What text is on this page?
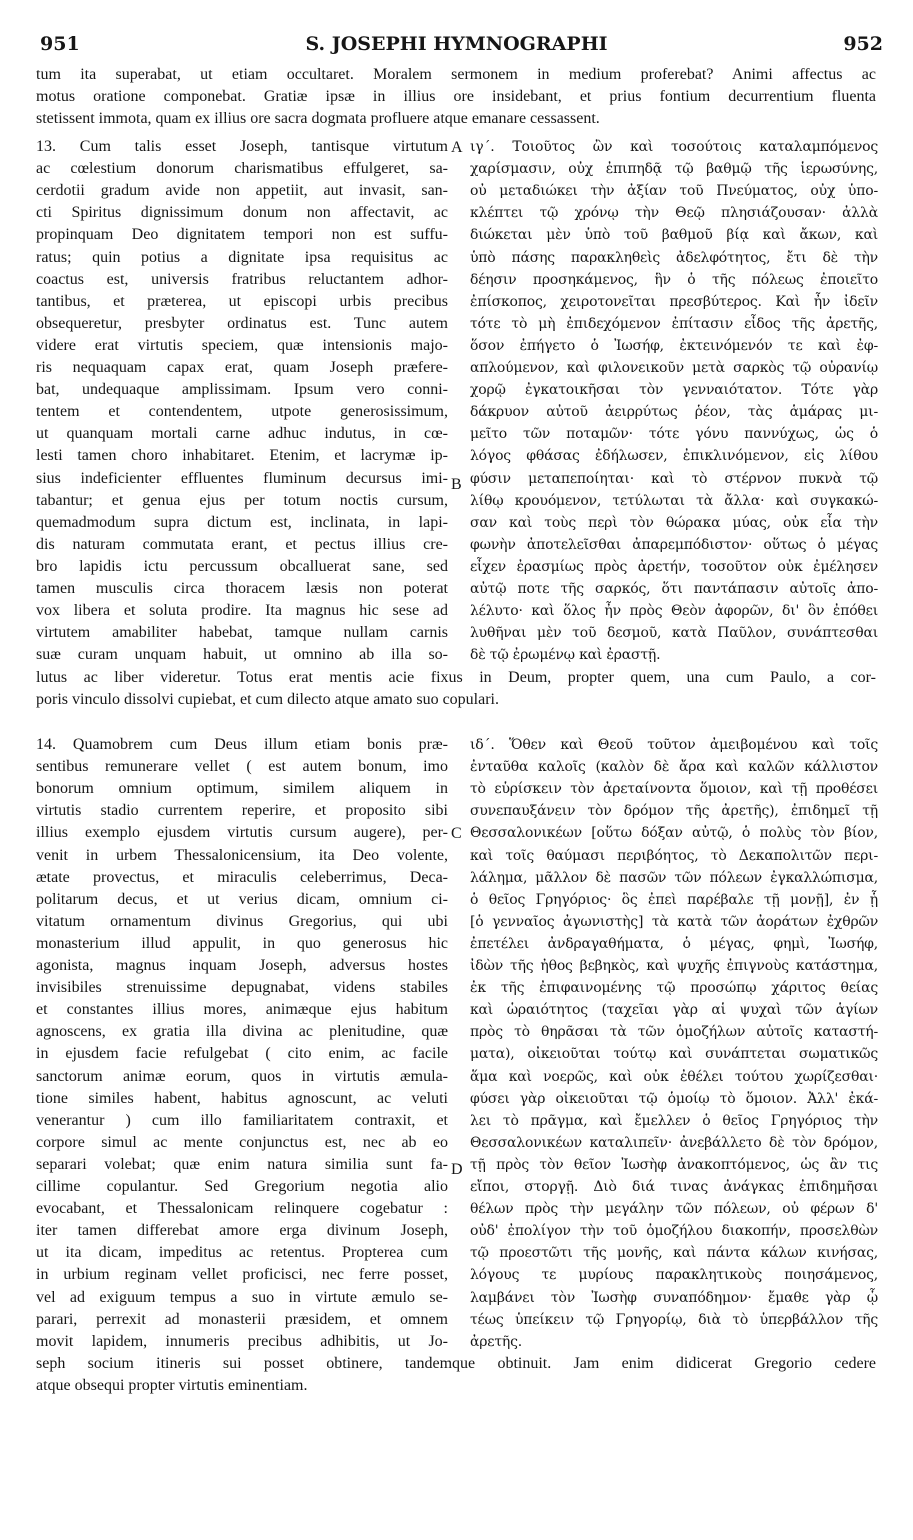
951	S. JOSEPHI HYMNOGRAPHI	952
tum ita superabat, ut etiam occultaret. Moralem sermonem in medium proferebat? Animi affectus ac
motus oratione componebat. Gratiæ ipsæ in illius ore insidebant, et prius fontium decurrentium fluenta
stetissent immota, quam ex illius ore sacra dogmata profluere atque emanare cessassent.
13. Cum talis esset Joseph, tantisque virtutum
ac cœlestium donorum charismatibus effulgeret, sa-
cerdotii gradum avide non appetiit, aut invasit, san-
cti Spiritus dignissimum donum non affectavit, ac
propinquam Deo dignitatem tempori non est suffu-
ratus; quin potius a dignitate ipsa requisitus ac
coactus est, universis fratribus reluctantem adhor-
tantibus, et præterea, ut episcopi urbis precibus
obsequeretur, presbyter ordinatus est. Tunc autem
videre erat virtutis speciem, quæ intensionis majo-
ris nequaquam capax erat, quam Joseph præfere-
bat, undequaque amplissimam. Ipsum vero conni-
tentem et contendentem, utpote generosissimum,
ut quanquam mortali carne adhuc indutus, in cœ-
lesti tamen choro inhabitaret. Etenim, et lacrymæ ip-
sius indeficienter effluentes fluminum decursus imi-
tabantur; et genua ejus per totum noctis cursum,
quemadmodum supra dictum est, inclinata, in lapi-
dis naturam commutata erant, et pectus illius cre-
bro lapidis ictu percussum obcalluerat sane, sed
tamen musculis circa thoracem læsis non poterat
vox libera et soluta prodire. Ita magnus hic sese ad
virtutem amabiliter habebat, tamque nullam carnis
suæ curam unquam habuit, ut omnino ab illa so-
ιγ΄. Τοιοῦτος ὢν καὶ τοσούτοις καταλαμπόμενος
χαρίσμασιν, οὐχ ἐπιπηδᾷ τῷ βαθμῷ τῆς ἱερωσύνης,
οὐ μεταδιώκει τὴν ἀξίαν τοῦ Πνεύματος, οὐχ ὑπο-
κλέπτει τῷ χρόνῳ τὴν Θεῷ πλησιάζουσαν· ἀλλὰ
διώκεται μὲν ὑπὸ τοῦ βαθμοῦ βίᾳ καὶ ἄκων, καὶ
ὑπὸ πάσης παρακληθεὶς ἀδελφότητος, ἔτι δὲ τὴν
δέησιν προσηκάμενος, ἣν ὁ τῆς πόλεως ἐποιεῖτο
ἐπίσκοπος, χειροτονεῖται πρεσβύτερος. Καὶ ἦν ἰδεῖν
τότε τὸ μὴ ἐπιδεχόμενον ἐπίτασιν εἶδος τῆς ἀρετῆς,
ὅσον ἐπήγετο ὁ Ἰωσήφ, ἐκτεινόμενόν τε καὶ ἐφ-
απλούμενον, καὶ φιλονεικοῦν μετὰ σαρκὸς τῷ οὐρανίῳ
χορῷ ἐγκατοικῆσαι τὸν γενναιότατον. Τότε γὰρ
δάκρυον αὐτοῦ ἀειρρύτως ῥέον, τὰς ἁμάρας μι-
μεῖτο τῶν ποταμῶν· τότε γόνυ παννύχως, ὡς ὁ
λόγος φθάσας ἐδήλωσεν, ἐπικλινόμενον, εἰς λίθου
φύσιν μεταπεποίηται· καὶ τὸ στέρνον πυκνὰ τῷ
λίθῳ κρουόμενον, τετύλωται τὰ ἄλλα· καὶ συγκακώ-
σαν καὶ τοὺς περὶ τὸν θώρακα μύας, οὐκ εἶα τὴν
φωνὴν ἀποτελεῖσθαι ἀπαρεμπόδιστον· οὕτως ὁ μέγας
εἶχεν ἐρασμίως πρὸς ἀρετήν, τοσοῦτον οὐκ ἐμέλησεν
αὐτῷ ποτε τῆς σαρκός, ὅτι παντάπασιν αὐτοῖς ἀπο-
λέλυτο· καὶ ὅλος ἦν πρὸς Θεὸν ἀφορῶν, δι' ὃν ἐπόθει
λυθῆναι μὲν τοῦ δεσμοῦ, κατὰ Παῦλον, συνάπτεσθαι
δὲ τῷ ἐρωμένῳ καὶ ἐραστῇ.
lutus ac liber videretur. Totus erat mentis acie fixus in Deum, propter quem, una cum Paulo, a cor-
poris vinculo dissolvi cupiebat, et cum dilecto atque amato suo copulari.
14. Quamobrem cum Deus illum etiam bonis præ-
sentibus remunerare vellet ( est autem bonum, imo
bonorum omnium optimum, similem aliquem in
virtutis stadio currentem reperire, et proposito sibi
illius exemplo ejusdem virtutis cursum augere), per-
venit in urbem Thessalonicensium, ita Deo volente,
ætate provectus, et miraculis celeberrimus, Deca-
politarum decus, et ut verius dicam, omnium ci-
vitatum ornamentum divinus Gregorius, qui ubi
monasterium illud appulit, in quo generosus hic
agonista, magnus inquam Joseph, adversus hostes
invisibiles strenuissime depugnabat, videns stabiles
et constantes illius mores, animæque ejus habitum
agnoscens, ex gratia illa divina ac plenitudine, quæ
in ejusdem facie refulgebat ( cito enim, ac facile
sanctorum animæ eorum, quos in virtutis æmula-
tione similes habent, habitus agnoscunt, ac veluti
venerantur ) cum illo familiaritatem contraxit, et
corpore simul ac mente conjunctus est, nec ab eo
separari volebat; quæ enim natura similia sunt fa-
cillime copulantur. Sed Gregorium negotia alio
evocabant, et Thessalonicam relinquere cogebatur :
iter tamen differebat amore erga divinum Joseph,
ut ita dicam, impeditus ac retentus. Propterea cum
in urbium reginam vellet proficisci, nec ferre posset,
vel ad exiguum tempus a suo in virtute æmulo se-
parari, perrexit ad monasterii præsidem, et omnem
movit lapidem, innumeris precibus adhibitis, ut Jo-
ιδ΄. Ὅθεν καὶ Θεοῦ τοῦτον ἀμειβομένου καὶ τοῖς
ἐνταῦθα καλοῖς (καλὸν δὲ ἄρα καὶ καλῶν κάλλιστον
τὸ εὑρίσκειν τὸν ἀρεταίνοντα ὅμοιον, καὶ τῇ προθέσει
συνεπαυξάνειν τὸν δρόμον τῆς ἀρετῆς), ἐπιδημεῖ τῇ
Θεσσαλονικέων [οὕτω δόξαν αὐτῷ, ὁ πολὺς τὸν βίον,
καὶ τοῖς θαύμασι περιβόητος, τὸ Δεκαπολιτῶν περι-
λάλημα, μᾶλλον δὲ πασῶν τῶν πόλεων ἐγκαλλώπισμα,
ὁ θεῖος Γρηγόριος· ὃς ἐπεὶ παρέβαλε τῇ μονῇ], ἐν ᾗ
[ὁ γενναῖος ἀγωνιστὴς] τὰ κατὰ τῶν ἀοράτων ἐχθρῶν
ἐπετέλει ἀνδραγαθήματα, ὁ μέγας, φημὶ, Ἰωσήφ,
ἰδὼν τῆς ἠθος βεβηκὸς, καὶ ψυχῆς ἐπιγνοὺς κατάστημα,
ἐκ τῆς ἐπιφαινομένης τῷ προσώπῳ χάριτος θείας
καὶ ὡραιότητος (ταχεῖαι γὰρ αἱ ψυχαὶ τῶν ἁγίων
πρὸς τὸ θηρᾶσαι τὰ τῶν ὁμοζήλων αὐτοῖς καταστή-
ματα), οἰκειοῦται τούτῳ καὶ συνάπτεται σωματικῶς
ἅμα καὶ νοερῶς, καὶ οὐκ ἐθέλει τούτου χωρίζεσθαι·
φύσει γὰρ οἰκειοῦται τῷ ὁμοίῳ τὸ ὅμοιον. Ἀλλ' ἐκά-
λει τὸ πρᾶγμα, καὶ ἔμελλεν ὁ θεῖος Γρηγόριος τὴν
Θεσσαλονικέων καταλιπεῖν· ἀνεβάλλετο δὲ τὸν δρόμον,
τῇ πρὸς τὸν θεῖον Ἰωσὴφ ἀνακοπτόμενος, ὡς ἂν τις
εἴποι, στοργῇ. Διὸ διά τινας ἀνάγκας ἐπιδημῆσαι
θέλων πρὸς τὴν μεγάλην τῶν πόλεων, οὐ φέρων δ'
οὐδ' ἐπολίγον τὴν τοῦ ὁμοζήλου διακοπήν, προσελθὼν
τῷ προεστῶτι τῆς μονῆς, καὶ πάντα κάλων κινήσας,
λόγους τε μυρίους παρακλητικοὺς ποιησάμενος,
λαμβάνει τὸν Ἰωσὴφ συναπόδημον· ἔμαθε γὰρ ᾧ
τέως ὑπείκειν τῷ Γρηγορίῳ, διὰ τὸ ὑπερβάλλον τῆς
ἀρετῆς.
seph socium itineris sui posset obtinere, tandemque obtinuit. Jam enim didicerat Gregorio cedere
atque obsequi propter virtutis eminentiam.
A
B
C
D
